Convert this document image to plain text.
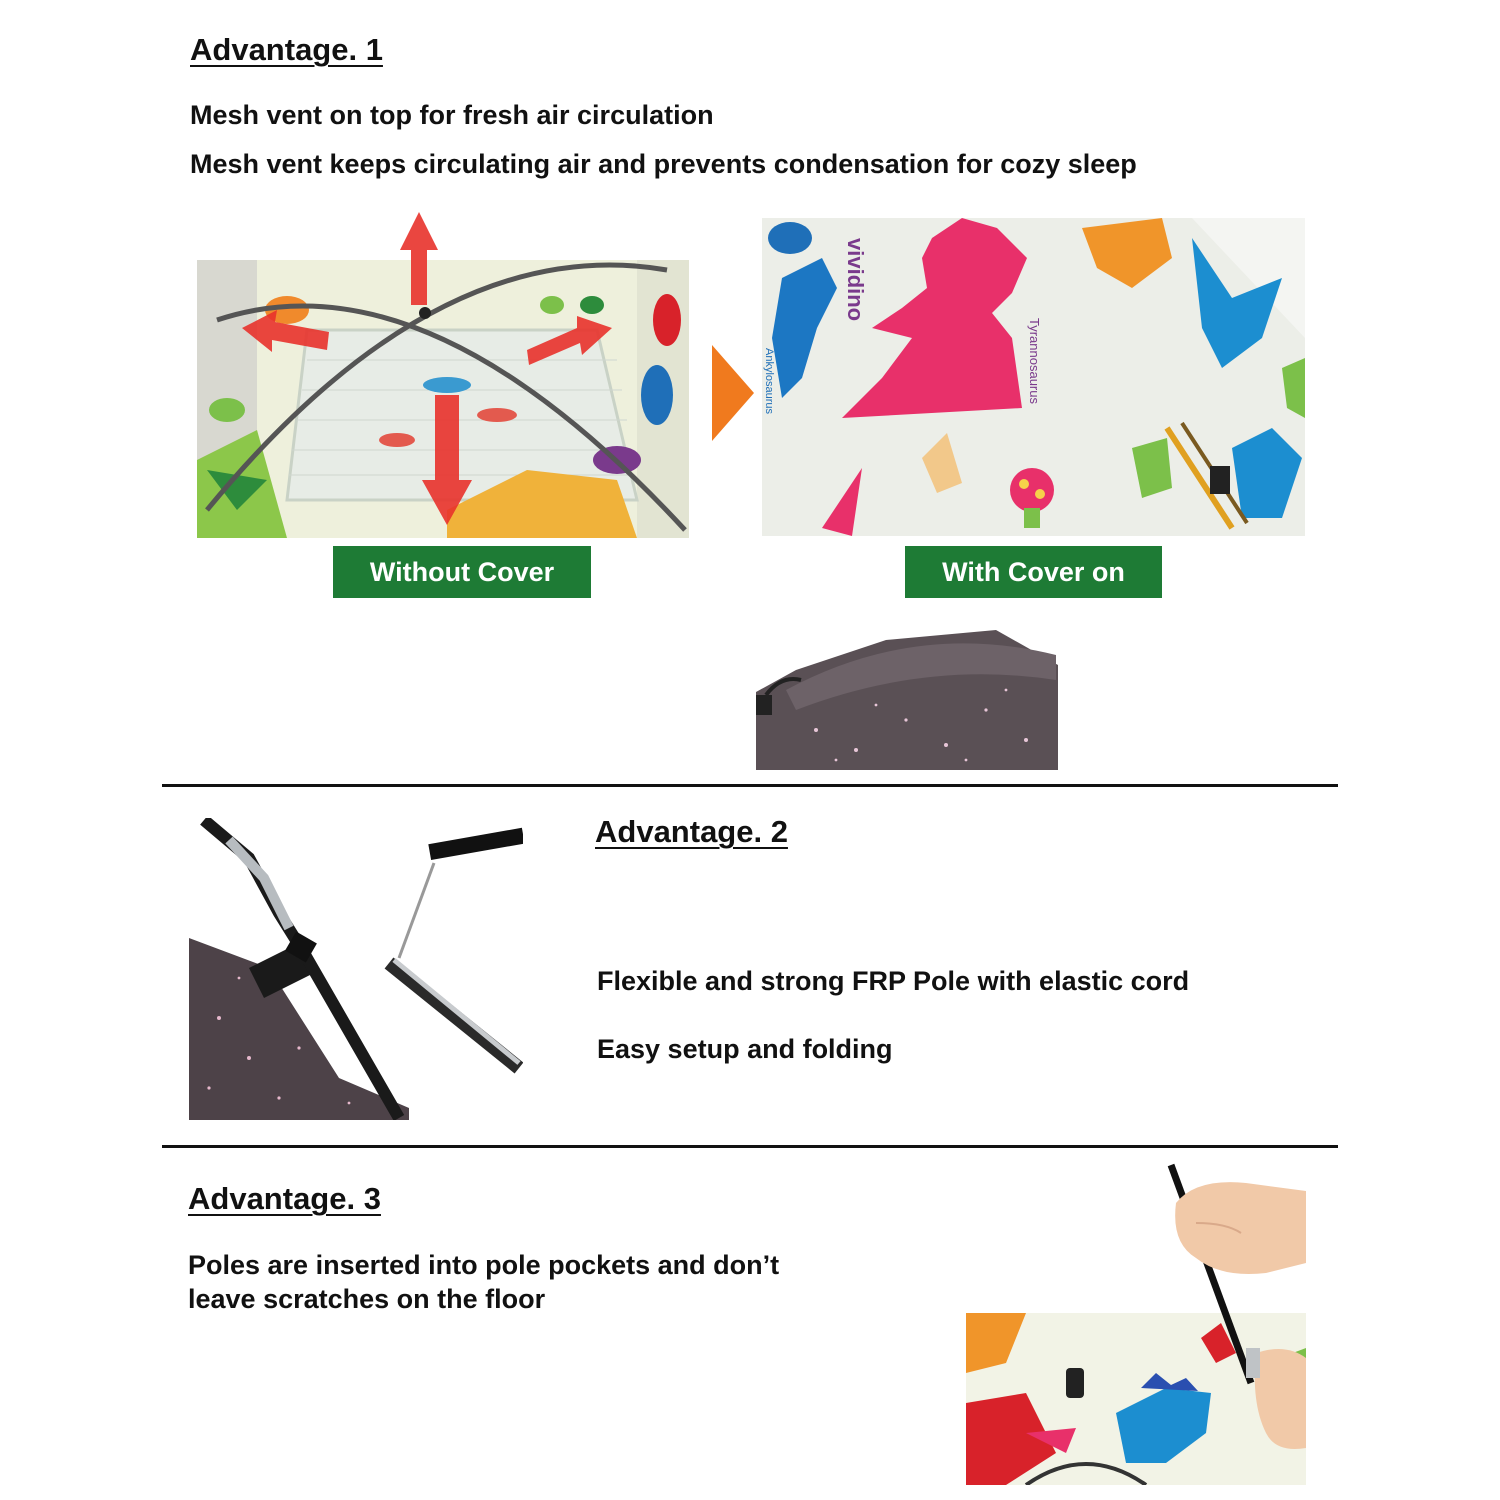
Advantage. 1
Mesh vent on top for fresh air circulation
Mesh vent keeps circulating air and prevents condensation for cozy sleep
vividino
Tyrannosaurus
Ankylosaurus
Without Cover	With Cover on
Advantage. 2
Flexible and strong FRP Pole with elastic cord
Easy setup and folding
Advantage. 3
Poles are inserted into pole pockets and don’t
leave scratches on the floor
